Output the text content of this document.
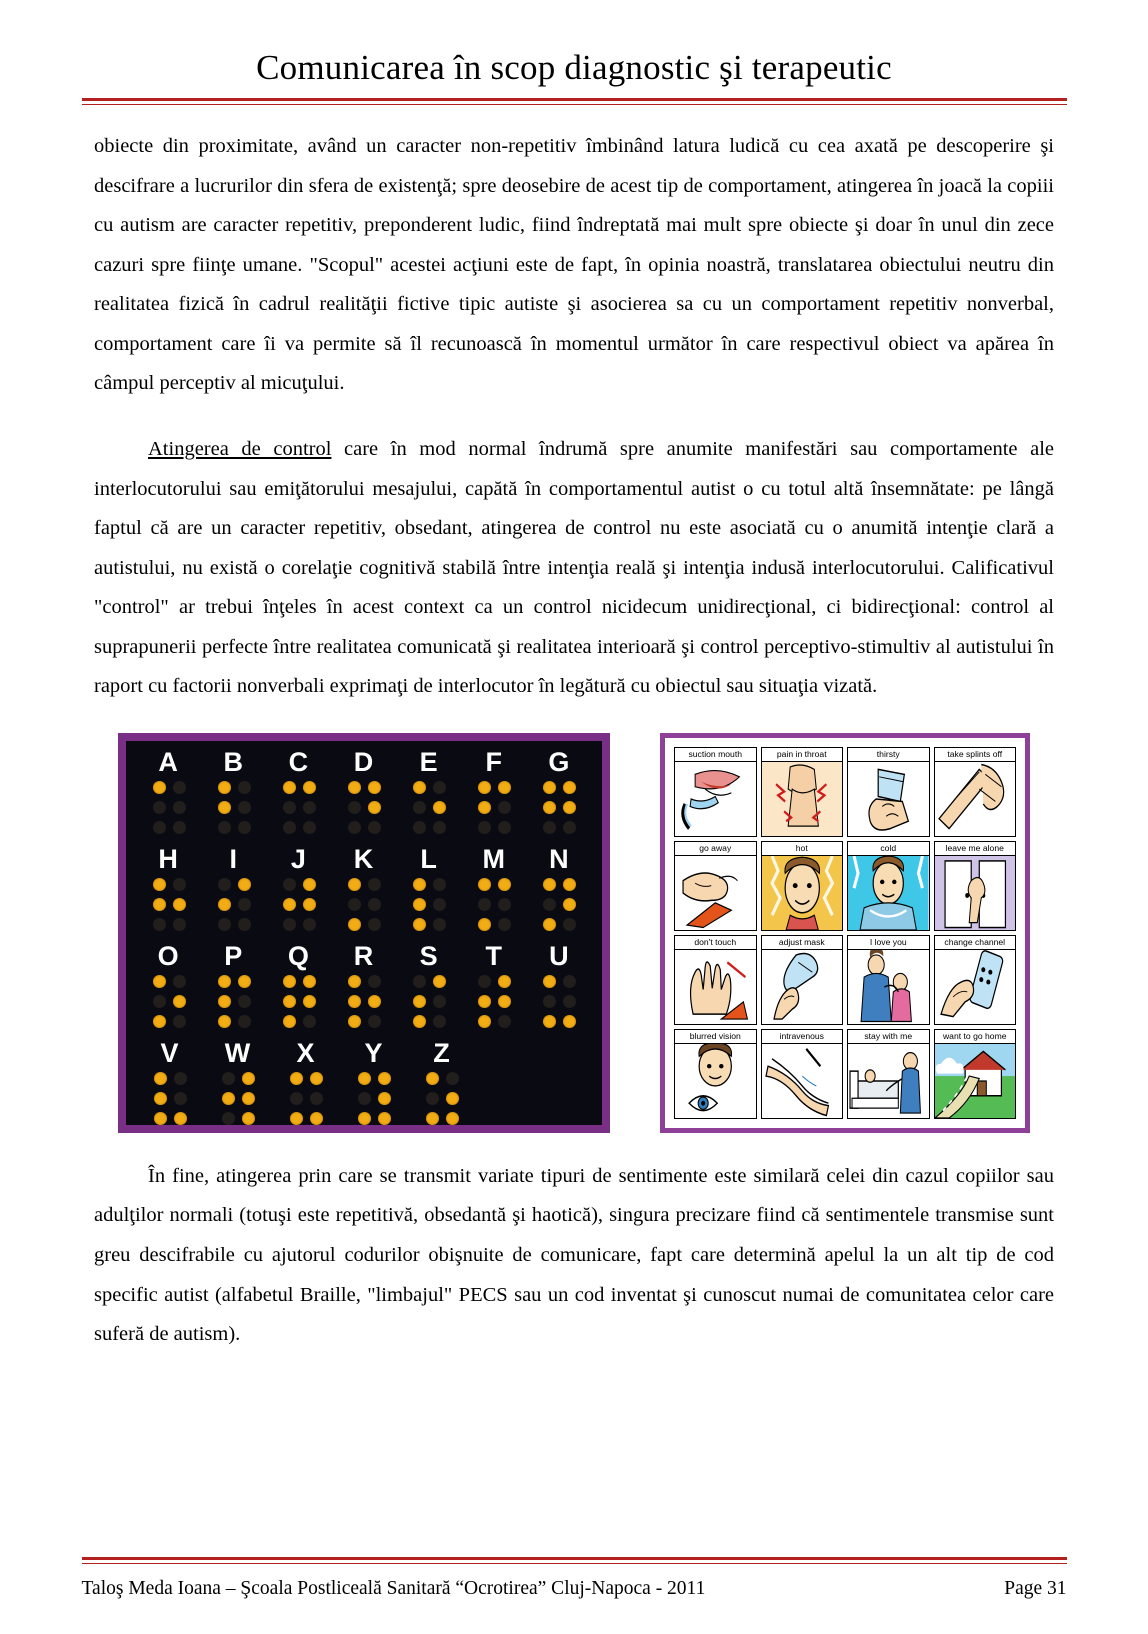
Comunicarea în scop diagnostic şi terapeutic

obiecte din proximitate, având un caracter non-repetitiv îmbinând latura ludică cu cea axată pe descoperire şi descifrare a lucrurilor din sfera de existenţă; spre deosebire de acest tip de comportament, atingerea în joacă la copiii cu autism are caracter repetitiv, preponderent ludic, fiind îndreptată mai mult spre obiecte şi doar în unul din zece cazuri spre fiinţe umane. "Scopul" acestei acţiuni este de fapt, în opinia noastră, translatarea obiectului neutru din realitatea fizică în cadrul realităţii fictive tipic autiste şi asocierea sa cu un comportament repetitiv nonverbal, comportament care îi va permite să îl recunoască în momentul următor în care respectivul obiect va apărea în câmpul perceptiv al micuţului.

Atingerea de control care în mod normal îndrumă spre anumite manifestări sau comportamente ale interlocutorului sau emiţătorului mesajului, capătă în comportamentul autist o cu totul altă însemnătate: pe lângă faptul că are un caracter repetitiv, obsedant, atingerea de control nu este asociată cu o anumită intenţie clară a autistului, nu există o corelaţie cognitivă stabilă între intenţia reală şi intenţia indusă interlocutorului. Calificativul "control" ar trebui înţeles în acest context ca un control nicidecum unidirecţional, ci bidirecţional: control al suprapunerii perfecte între realitatea comunicată şi realitatea interioară şi control perceptivo-stimultiv al autistului în raport cu factorii nonverbali exprimaţi de interlocutor în legătură cu obiectul sau situaţia vizată.

A	B	C	D	E	F	G
H	I	J	K	L	M	N
O	P	Q	R	S	T	U
V	W	X	Y	Z
suction mouth	pain in throat	thirsty	take splints off
go away	hot	cold	leave me alone
don't touch	adjust mask	I love you	change channel
blurred vision	intravenous	stay with me	want to go home

În fine, atingerea prin care se transmit variate tipuri de sentimente este similară celei din cazul copiilor sau adulţilor normali (totuşi este repetitivă, obsedantă şi haotică), singura precizare fiind că sentimentele transmise sunt greu descifrabile cu ajutorul codurilor obişnuite de comunicare, fapt care determină apelul la un alt tip de cod specific autist (alfabetul Braille, "limbajul" PECS sau un cod inventat şi cunoscut numai de comunitatea celor care suferă de autism).

Taloş Meda Ioana – Şcoala Postliceală Sanitară “Ocrotirea” Cluj-Napoca - 2011	Page 31
